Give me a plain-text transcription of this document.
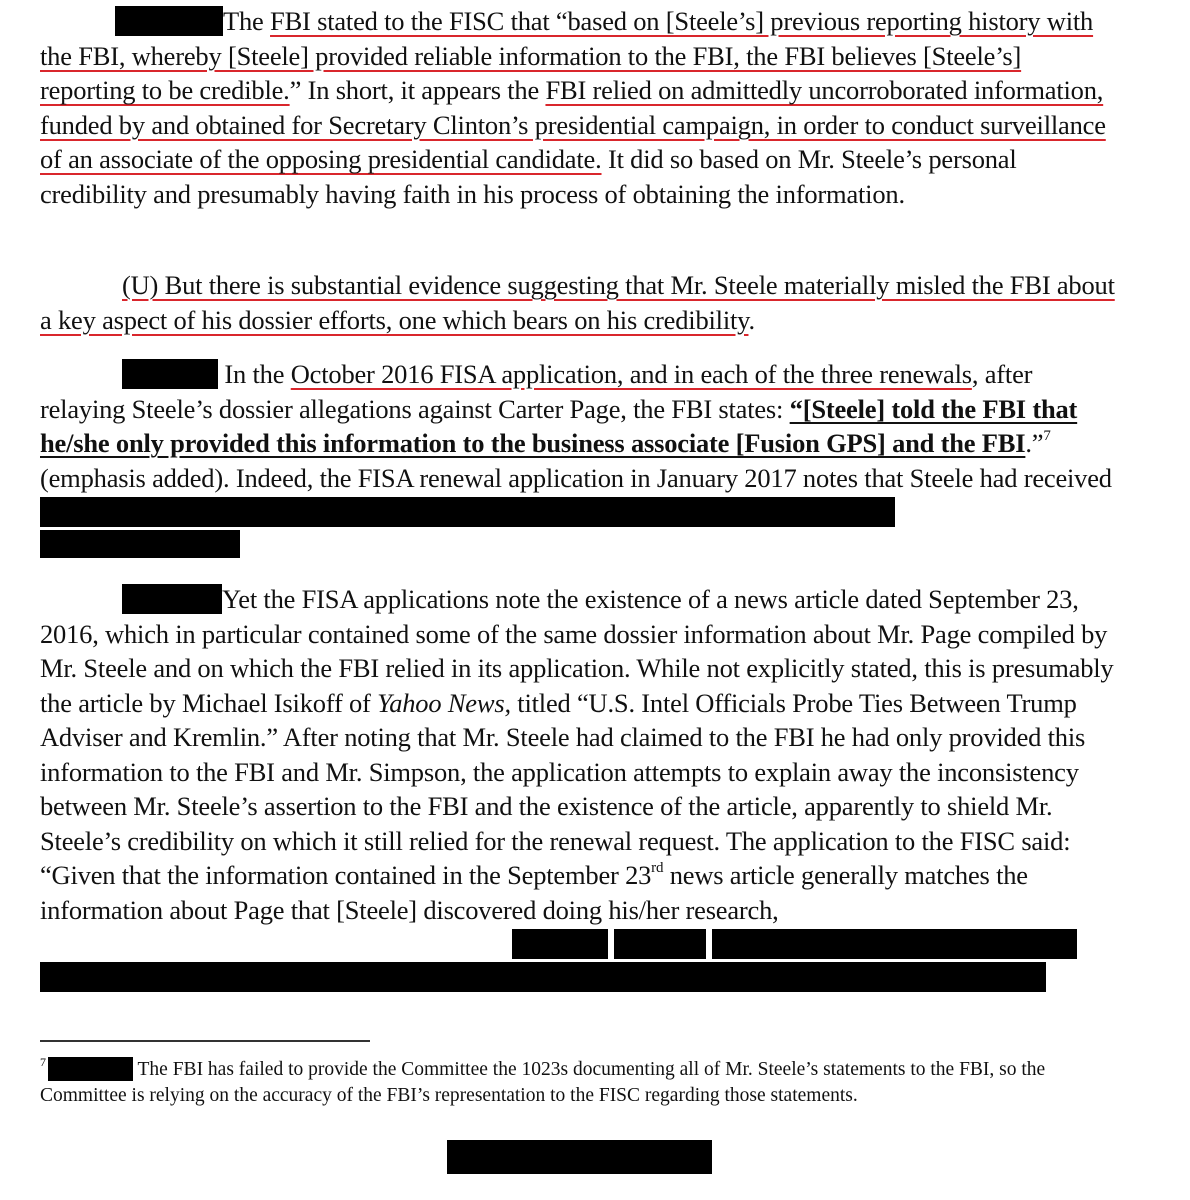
The FBI stated to the FISC that “based on [Steele’s] previous reporting history with the FBI, whereby [Steele] provided reliable information to the FBI, the FBI believes [Steele’s] reporting to be credible.” In short, it appears the FBI relied on admittedly uncorroborated information, funded by and obtained for Secretary Clinton’s presidential campaign, in order to conduct surveillance of an associate of the opposing presidential candidate. It did so based on Mr. Steele’s personal credibility and presumably having faith in his process of obtaining the information.

(U) But there is substantial evidence suggesting that Mr. Steele materially misled the FBI about a key aspect of his dossier efforts, one which bears on his credibility.

In the October 2016 FISA application, and in each of the three renewals, after relaying Steele’s dossier allegations against Carter Page, the FBI states: “[Steele] told the FBI that he/she only provided this information to the business associate [Fusion GPS] and the FBI.”$^7$ (emphasis added). Indeed, the FISA renewal application in January 2017 notes that Steele had received

Yet the FISA applications note the existence of a news article dated September 23, 2016, which in particular contained some of the same dossier information about Mr. Page compiled by Mr. Steele and on which the FBI relied in its application. While not explicitly stated, this is presumably the article by Michael Isikoff of Yahoo News, titled “U.S. Intel Officials Probe Ties Between Trump Adviser and Kremlin.” After noting that Mr. Steele had claimed to the FBI he had only provided this information to the FBI and Mr. Simpson, the application attempts to explain away the inconsistency between Mr. Steele’s assertion to the FBI and the existence of the article, apparently to shield Mr. Steele’s credibility on which it still relied for the renewal request. The application to the FISC said: “Given that the information contained in the September 23rd news article generally matches the information about Page that [Steele] discovered doing his/her research,

$^7$	The FBI has failed to provide the Committee the 1023s documenting all of Mr. Steele’s statements to the FBI, so the Committee is relying on the accuracy of the FBI’s representation to the FISC regarding those statements.
